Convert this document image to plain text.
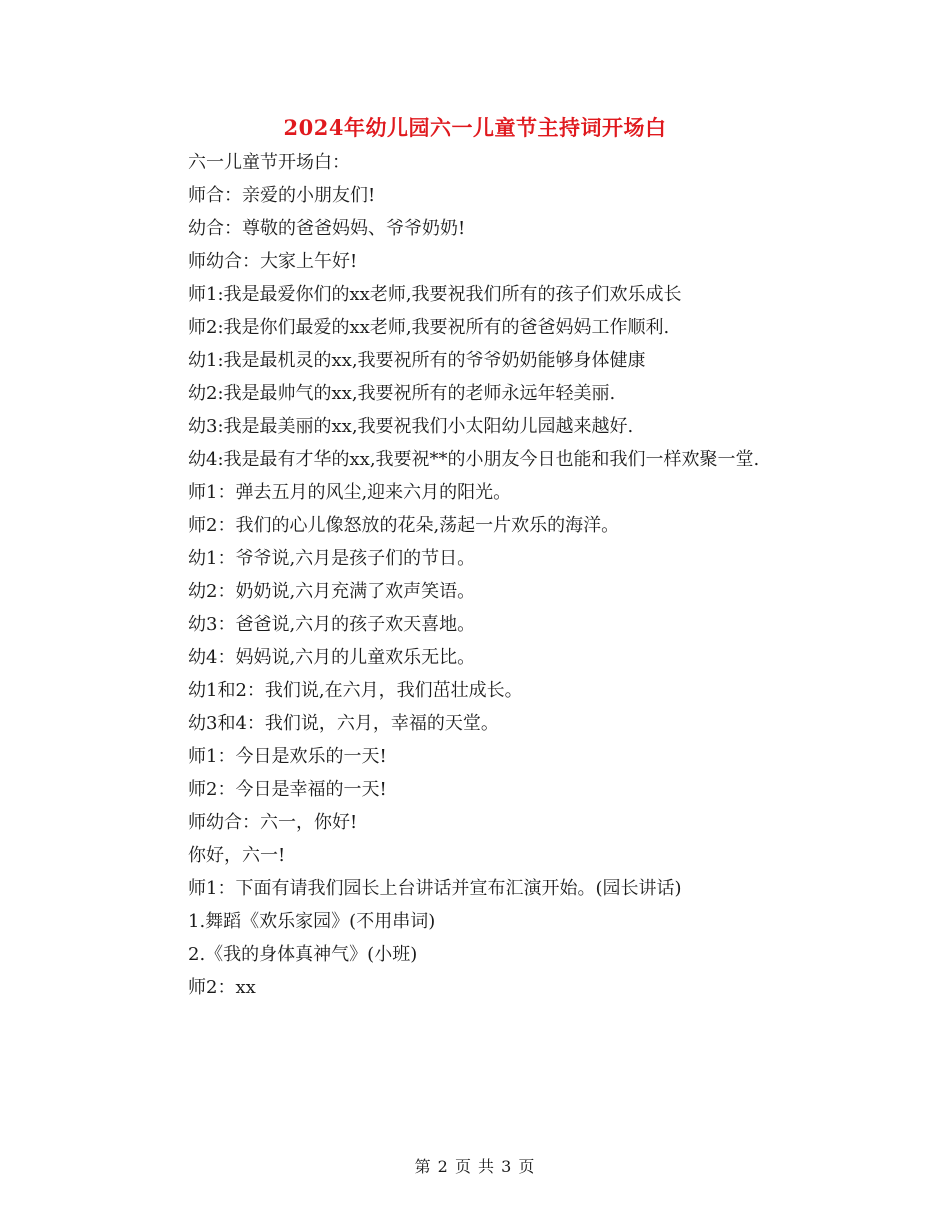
2024年幼儿园六一儿童节主持词开场白

六一儿童节开场白：

师合：亲爱的小朋友们!

幼合：尊敬的爸爸妈妈、爷爷奶奶!

师幼合：大家上午好!

师1:我是最爱你们的xx老师,我要祝我们所有的孩子们欢乐成长

师2:我是你们最爱的xx老师,我要祝所有的爸爸妈妈工作顺利.

幼1:我是最机灵的xx,我要祝所有的爷爷奶奶能够身体健康

幼2:我是最帅气的xx,我要祝所有的老师永远年轻美丽.

幼3:我是最美丽的xx,我要祝我们小太阳幼儿园越来越好.

幼4:我是最有才华的xx,我要祝**的小朋友今日也能和我们一样欢聚一堂.

师1：弹去五月的风尘,迎来六月的阳光。

师2：我们的心儿像怒放的花朵,荡起一片欢乐的海洋。

幼1：爷爷说,六月是孩子们的节日。

幼2：奶奶说,六月充满了欢声笑语。

幼3：爸爸说,六月的孩子欢天喜地。

幼4：妈妈说,六月的儿童欢乐无比。

幼1和2：我们说,在六月，我们茁壮成长。

幼3和4：我们说，六月，幸福的天堂。

师1：今日是欢乐的一天!

师2：今日是幸福的一天!

师幼合：六一，你好!

你好，六一!

师1：下面有请我们园长上台讲话并宣布汇演开始。(园长讲话)

1.舞蹈《欢乐家园》(不用串词)

2.《我的身体真神气》(小班)

师2：xx

第 2 页 共 3 页
